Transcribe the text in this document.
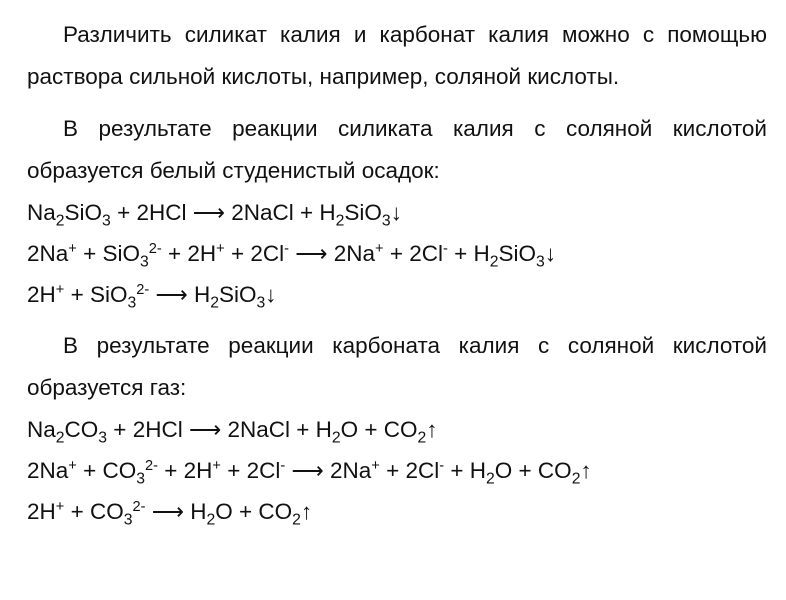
Различить силикат калия и карбонат калия можно с помощью раствора сильной кислоты, например, соляной кислоты.

В результате реакции силиката калия с соляной кислотой образуется белый студенистый осадок:

$Na_2SiO_3 + 2HCl$ ⟶ 2NaCl + $H_2SiO_3↓$
2Na+ + SiO$_3^{2-}$ + 2H+ + 2Cl- ⟶ $2Na^+ + 2Cl^- + H_2SiO_3↓$
2H+ + SiO$_3^{2-}$ ⟶ $H_2SiO_3↓$

В результате реакции карбоната калия с соляной кислотой образуется газ:

$Na_2CO_3 + 2HCl$ ⟶ 2NaCl + $H_2O$ + $CO_2↑$
$2Na^+ + CO_3^{2-} + 2H^+ + 2Cl^-$ ⟶ $2Na^+ + 2Cl^- + H_2O$ + $CO_2↑$
$2H^+ + CO_3^{2-}$ ⟶ $H_2O$ + $CO_2↑$
